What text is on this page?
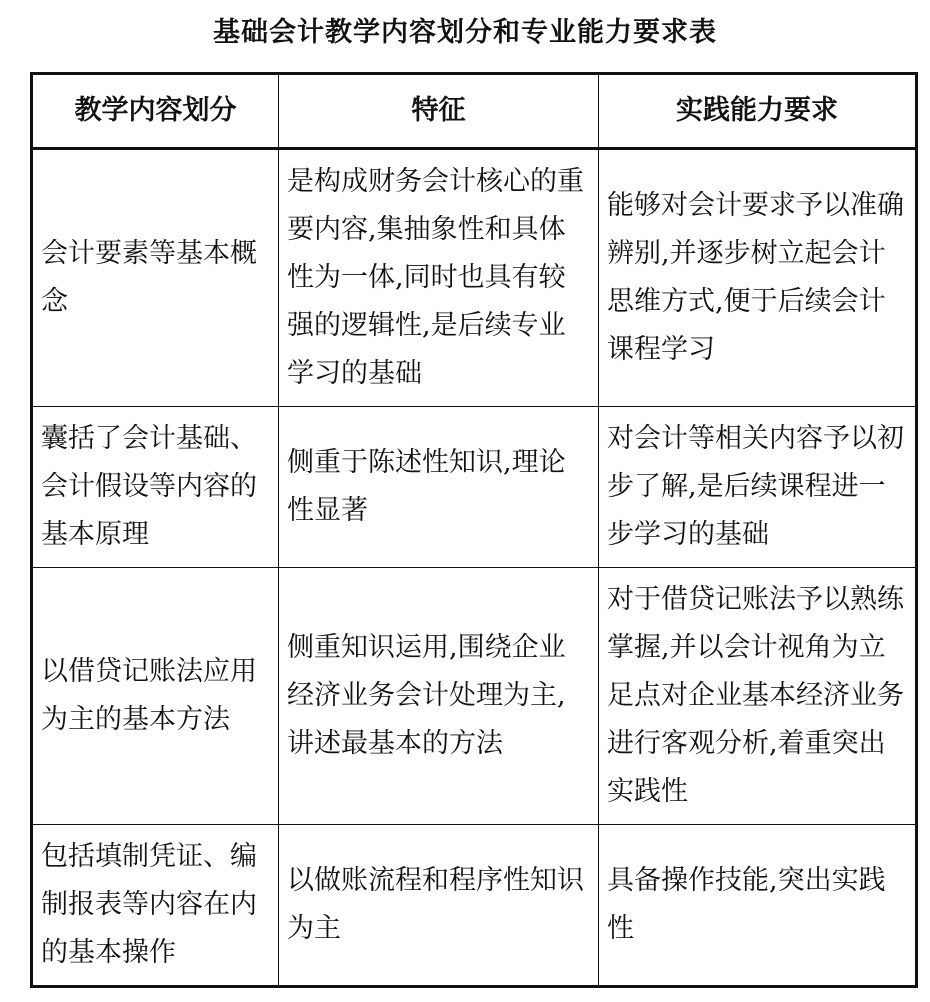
基础会计教学内容划分和专业能力要求表
教学内容划分	特征	实践能力要求
会计要素等基本概念	是构成财务会计核心的重要内容,集抽象性和具体性为一体,同时也具有较强的逻辑性,是后续专业学习的基础	能够对会计要求予以准确辨别,并逐步树立起会计思维方式,便于后续会计课程学习
囊括了会计基础、会计假设等内容的基本原理	侧重于陈述性知识,理论性显著	对会计等相关内容予以初步了解,是后续课程进一步学习的基础
以借贷记账法应用为主的基本方法	侧重知识运用,围绕企业经济业务会计处理为主,讲述最基本的方法	对于借贷记账法予以熟练掌握,并以会计视角为立足点对企业基本经济业务进行客观分析,着重突出实践性
包括填制凭证、编制报表等内容在内的基本操作	以做账流程和程序性知识为主	具备操作技能,突出实践性
